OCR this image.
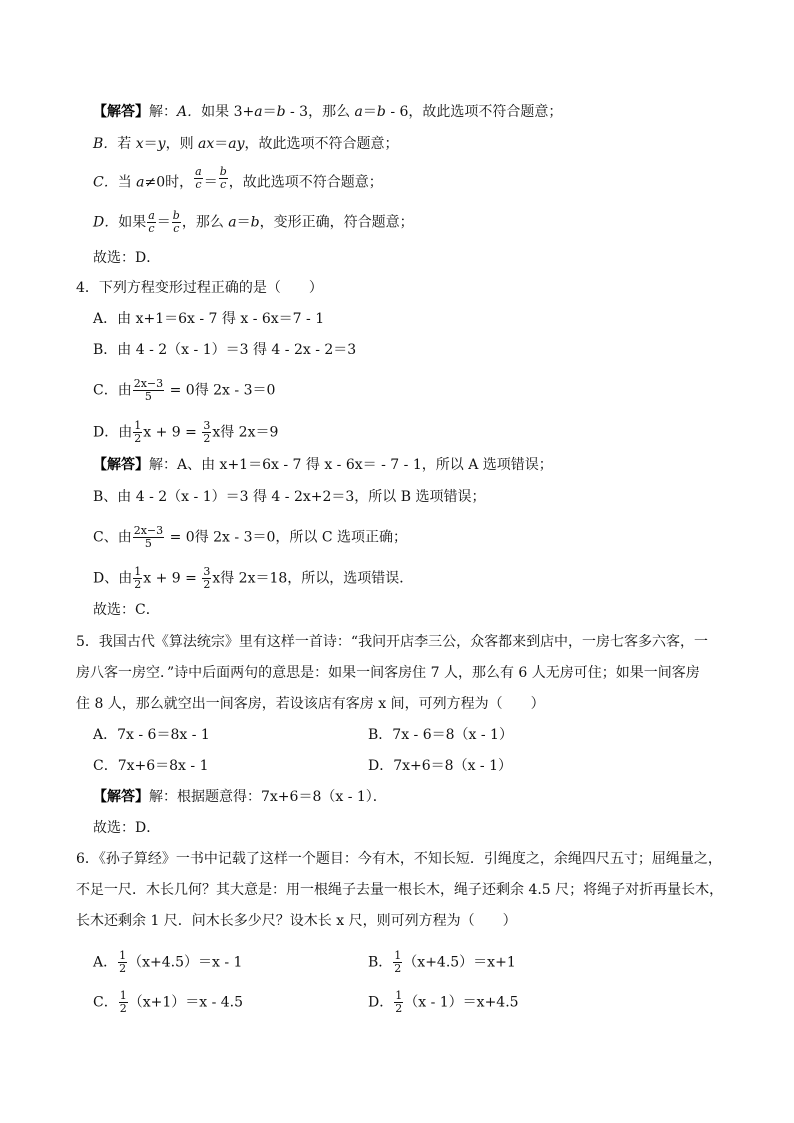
【解答】解：A．如果 3+a＝b - 3，那么 a＝b - 6，故此选项不符合题意；
B．若 x＝y，则 ax＝ay，故此选项不符合题意；
C．当 a≠0时， $\frac{a}{c} = \frac{b}{c}$ ，故此选项不符合题意；
D．如果 $\frac{a}{c} = \frac{b}{c}$ ，那么 a＝b，变形正确，符合题意；
故选：D．
4．下列方程变形过程正确的是（　　）
A．由 x+1＝6x - 7 得 x - 6x＝7 - 1
B．由 4 - 2（x - 1）＝3 得 4 - 2x - 2＝3
C．由 $\frac{2x-3}{5} = 0$得 2x - 3＝0
D．由 $\frac{1}{2}$ $x + 9 = \frac{3}{2}$ x得 2x＝9
【解答】解：A、由 x+1＝6x - 7 得 x - 6x＝ - 7 - 1，所以 A 选项错误；
B、由 4 - 2（x - 1）＝3 得 4 - 2x+2＝3，所以 B 选项错误；
C、由 $\frac{2x-3}{5} = 0$得 2x - 3＝0，所以 C 选项正确；
D、由 $\frac{1}{2}$ $x + 9 = \frac{3}{2}$ x得 2x＝18，所以，选项错误．
故选：C．
5．我国古代《算法统宗》里有这样一首诗：“我问开店李三公，众客都来到店中，一房七客多六客，一
房八客一房空．”诗中后面两句的意思是：如果一间客房住 7 人，那么有 6 人无房可住；如果一间客房
住 8 人，那么就空出一间客房，若设该店有客房 x 间，可列方程为（　　）
A．7x - 6＝8x - 1	B．7x - 6＝8（x - 1）
C．7x+6＝8x - 1	D．7x+6＝8（x - 1）
【解答】解：根据题意得：7x+6＝8（x - 1）．
故选：D．
6．《孙子算经》一书中记载了这样一个题目：今有木，不知长短．引绳度之，余绳四尺五寸；屈绳量之，
不足一尺．木长几何？其大意是：用一根绳子去量一根长木，绳子还剩余 4.5 尺；将绳子对折再量长木，
长木还剩余 1 尺．问木长多少尺？设木长 x 尺，则可列方程为（　　）
A． $\frac{1}{2} (x+4.5)=x - 1$	B． $\frac{1}{2} (x+4.5)=x+1$
C． $\frac{1}{2} (x+1)=x - 4.5$	D． $\frac{1}{2} (x - 1)=x+4.5$
